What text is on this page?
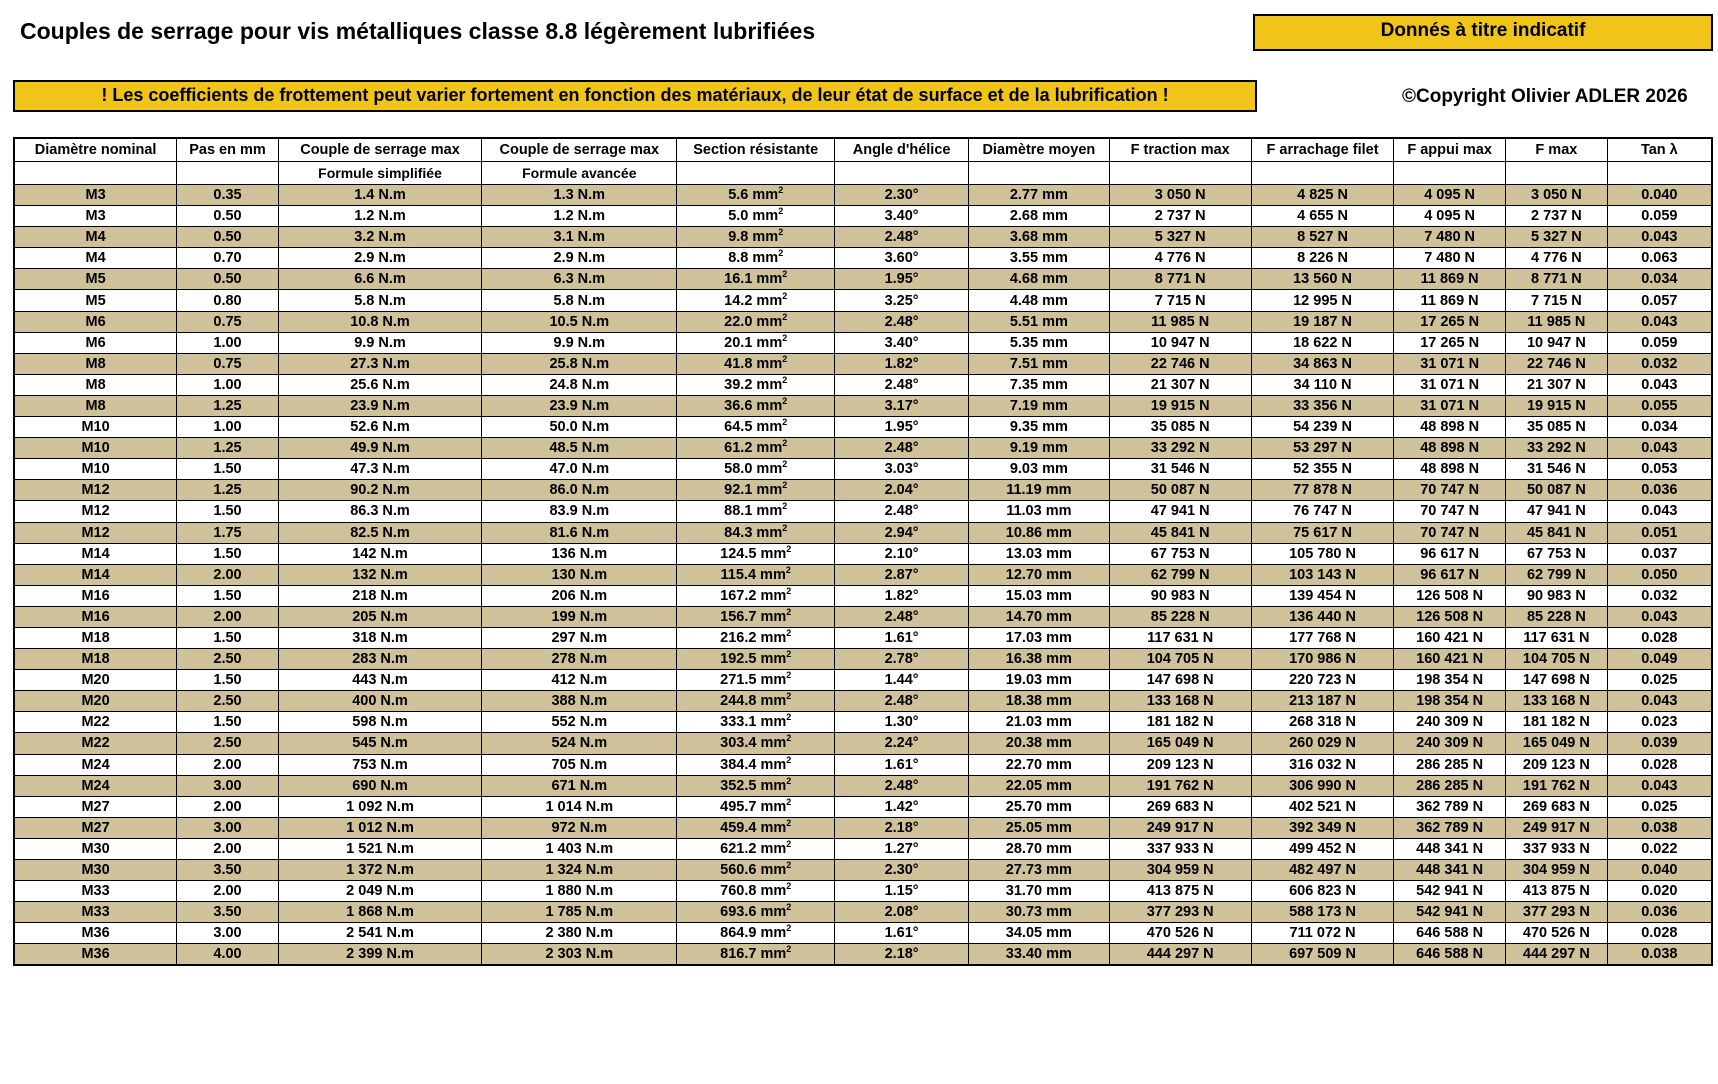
Couples de serrage pour vis métalliques classe 8.8 légèrement lubrifiées	Donnés à titre indicatif
! Les coefficients de frottement peut varier fortement en fonction des matériaux, de leur état de surface et de la lubrification !	©Copyright Olivier ADLER 2026
Diamètre nominal	Pas en mm	Couple de serrage max	Couple de serrage max	Section résistante	Angle d'hélice	Diamètre moyen	F traction max	F arrachage filet	F appui max	F max	Tan λ
		Formule simplifiée	Formule avancée								
M3	0.35	1.4 N.m	1.3 N.m	5.6 $mm^2$	2.30°	2.77 mm	3 050 N	4 825 N	4 095 N	3 050 N	0.040
M3	0.50	1.2 N.m	1.2 N.m	5.0 $mm^2$	3.40°	2.68 mm	2 737 N	4 655 N	4 095 N	2 737 N	0.059
M4	0.50	3.2 N.m	3.1 N.m	9.8 $mm^2$	2.48°	3.68 mm	5 327 N	8 527 N	7 480 N	5 327 N	0.043
M4	0.70	2.9 N.m	2.9 N.m	8.8 $mm^2$	3.60°	3.55 mm	4 776 N	8 226 N	7 480 N	4 776 N	0.063
M5	0.50	6.6 N.m	6.3 N.m	16.1 $mm^2$	1.95°	4.68 mm	8 771 N	13 560 N	11 869 N	8 771 N	0.034
M5	0.80	5.8 N.m	5.8 N.m	14.2 $mm^2$	3.25°	4.48 mm	7 715 N	12 995 N	11 869 N	7 715 N	0.057
M6	0.75	10.8 N.m	10.5 N.m	22.0 $mm^2$	2.48°	5.51 mm	11 985 N	19 187 N	17 265 N	11 985 N	0.043
M6	1.00	9.9 N.m	9.9 N.m	20.1 $mm^2$	3.40°	5.35 mm	10 947 N	18 622 N	17 265 N	10 947 N	0.059
M8	0.75	27.3 N.m	25.8 N.m	41.8 $mm^2$	1.82°	7.51 mm	22 746 N	34 863 N	31 071 N	22 746 N	0.032
M8	1.00	25.6 N.m	24.8 N.m	39.2 $mm^2$	2.48°	7.35 mm	21 307 N	34 110 N	31 071 N	21 307 N	0.043
M8	1.25	23.9 N.m	23.9 N.m	36.6 $mm^2$	3.17°	7.19 mm	19 915 N	33 356 N	31 071 N	19 915 N	0.055
M10	1.00	52.6 N.m	50.0 N.m	64.5 $mm^2$	1.95°	9.35 mm	35 085 N	54 239 N	48 898 N	35 085 N	0.034
M10	1.25	49.9 N.m	48.5 N.m	61.2 $mm^2$	2.48°	9.19 mm	33 292 N	53 297 N	48 898 N	33 292 N	0.043
M10	1.50	47.3 N.m	47.0 N.m	58.0 $mm^2$	3.03°	9.03 mm	31 546 N	52 355 N	48 898 N	31 546 N	0.053
M12	1.25	90.2 N.m	86.0 N.m	92.1 $mm^2$	2.04°	11.19 mm	50 087 N	77 878 N	70 747 N	50 087 N	0.036
M12	1.50	86.3 N.m	83.9 N.m	88.1 $mm^2$	2.48°	11.03 mm	47 941 N	76 747 N	70 747 N	47 941 N	0.043
M12	1.75	82.5 N.m	81.6 N.m	84.3 $mm^2$	2.94°	10.86 mm	45 841 N	75 617 N	70 747 N	45 841 N	0.051
M14	1.50	142 N.m	136 N.m	124.5 $mm^2$	2.10°	13.03 mm	67 753 N	105 780 N	96 617 N	67 753 N	0.037
M14	2.00	132 N.m	130 N.m	115.4 $mm^2$	2.87°	12.70 mm	62 799 N	103 143 N	96 617 N	62 799 N	0.050
M16	1.50	218 N.m	206 N.m	167.2 $mm^2$	1.82°	15.03 mm	90 983 N	139 454 N	126 508 N	90 983 N	0.032
M16	2.00	205 N.m	199 N.m	156.7 $mm^2$	2.48°	14.70 mm	85 228 N	136 440 N	126 508 N	85 228 N	0.043
M18	1.50	318 N.m	297 N.m	216.2 $mm^2$	1.61°	17.03 mm	117 631 N	177 768 N	160 421 N	117 631 N	0.028
M18	2.50	283 N.m	278 N.m	192.5 $mm^2$	2.78°	16.38 mm	104 705 N	170 986 N	160 421 N	104 705 N	0.049
M20	1.50	443 N.m	412 N.m	271.5 $mm^2$	1.44°	19.03 mm	147 698 N	220 723 N	198 354 N	147 698 N	0.025
M20	2.50	400 N.m	388 N.m	244.8 $mm^2$	2.48°	18.38 mm	133 168 N	213 187 N	198 354 N	133 168 N	0.043
M22	1.50	598 N.m	552 N.m	333.1 $mm^2$	1.30°	21.03 mm	181 182 N	268 318 N	240 309 N	181 182 N	0.023
M22	2.50	545 N.m	524 N.m	303.4 $mm^2$	2.24°	20.38 mm	165 049 N	260 029 N	240 309 N	165 049 N	0.039
M24	2.00	753 N.m	705 N.m	384.4 $mm^2$	1.61°	22.70 mm	209 123 N	316 032 N	286 285 N	209 123 N	0.028
M24	3.00	690 N.m	671 N.m	352.5 $mm^2$	2.48°	22.05 mm	191 762 N	306 990 N	286 285 N	191 762 N	0.043
M27	2.00	1 092 N.m	1 014 N.m	495.7 $mm^2$	1.42°	25.70 mm	269 683 N	402 521 N	362 789 N	269 683 N	0.025
M27	3.00	1 012 N.m	972 N.m	459.4 $mm^2$	2.18°	25.05 mm	249 917 N	392 349 N	362 789 N	249 917 N	0.038
M30	2.00	1 521 N.m	1 403 N.m	621.2 $mm^2$	1.27°	28.70 mm	337 933 N	499 452 N	448 341 N	337 933 N	0.022
M30	3.50	1 372 N.m	1 324 N.m	560.6 $mm^2$	2.30°	27.73 mm	304 959 N	482 497 N	448 341 N	304 959 N	0.040
M33	2.00	2 049 N.m	1 880 N.m	760.8 $mm^2$	1.15°	31.70 mm	413 875 N	606 823 N	542 941 N	413 875 N	0.020
M33	3.50	1 868 N.m	1 785 N.m	693.6 $mm^2$	2.08°	30.73 mm	377 293 N	588 173 N	542 941 N	377 293 N	0.036
M36	3.00	2 541 N.m	2 380 N.m	864.9 $mm^2$	1.61°	34.05 mm	470 526 N	711 072 N	646 588 N	470 526 N	0.028
M36	4.00	2 399 N.m	2 303 N.m	816.7 $mm^2$	2.18°	33.40 mm	444 297 N	697 509 N	646 588 N	444 297 N	0.038
